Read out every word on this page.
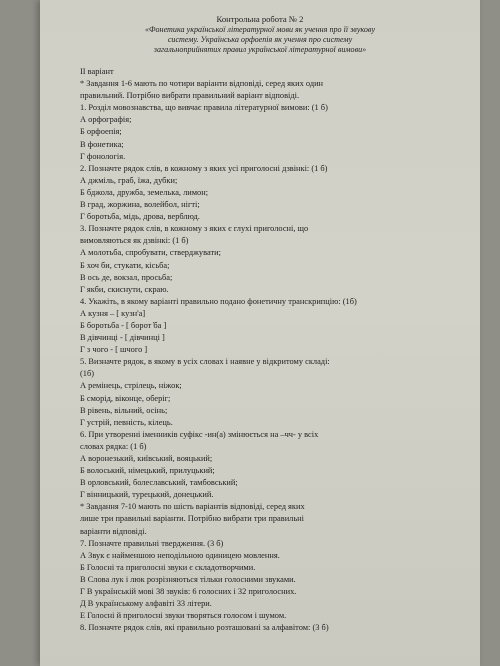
Контрольна робота № 2
«Фонетика української літературної мови як учення про її звукову
систему. Українська орфоепія як учення про систему
загальноприйнятих правил української літературної вимови»
ІІ варіант
* Завдання 1-6 мають по чотири варіанти відповіді, серед яких один
правильний. Потрібно вибрати правильний варіант відповіді.
1. Розділ мовознавства, що вивчає правила літературної вимови: (1 б)
А орфографія;
Б орфоепія;
В фонетика;
Г фонологія.
2. Позначте рядок слів, в кожному з яких усі приголосні дзвінкі: (1 б)
А джміль, граб, їжа, дубки;
Б бджола, дружба, земелька, лимон;
В град, жоржина, волейбол, нігті;
Г боротьба, мідь, дрова, верблюд.
3. Позначте рядок слів, в кожному з яких є глухі приголосні, що
вимовляються як дзвінкі: (1 б)
А молотьба, спробувати, стверджувати;
Б хоч би, стукати, кісьба;
В ось де, вокзал, просьба;
Г якби, скиснути, скраю.
4. Укажіть, в якому варіанті правильно подано фонетичну транскрипцію: (1б)
А кузня – [ кузн'а]
Б боротьба - [ борот ̔ба ]
В дівчинці - [ дівчинці ]
Г з чого - [ шчого ]
5. Визначте рядок, в якому в усіх словах і наявне у відкритому складі:
(1б)
А ремінець, стрілець, ніжок;
Б сморід, віконце, оберіг;
В рівень, вільний, осінь;
Г устрій, певність, кілець.
6. При утворенні іменників суфікс -ин(а) змінюється на –чч- у всіх
словах рядка: (1 б)
А воронезький, київський, вояцький;
Б волоський, німецький, прилуцький;
В орловський, болеславський, тамбовський;
Г вінницький, турецький, донецький.
* Завдання 7-10 мають по шість варіантів відповіді, серед яких
лише три правильні варіанти. Потрібно вибрати три правильні
варіанти відповіді.
7. Позначте правильні твердження. (3 б)
А Звук є найменшою неподільною одиницею мовлення.
Б Голосні та приголосні звуки є складотворчими.
В Слова лук і люк розрізняються тільки голосними звуками.
Г В українській мові 38 звуків: 6 голосних і 32 приголосних.
Д В українському алфавіті 33 літери.
Е Голосні й приголосні звуки творяться голосом і шумом.
8. Позначте рядок слів, які правильно розташовані за алфавітом: (3 б)
